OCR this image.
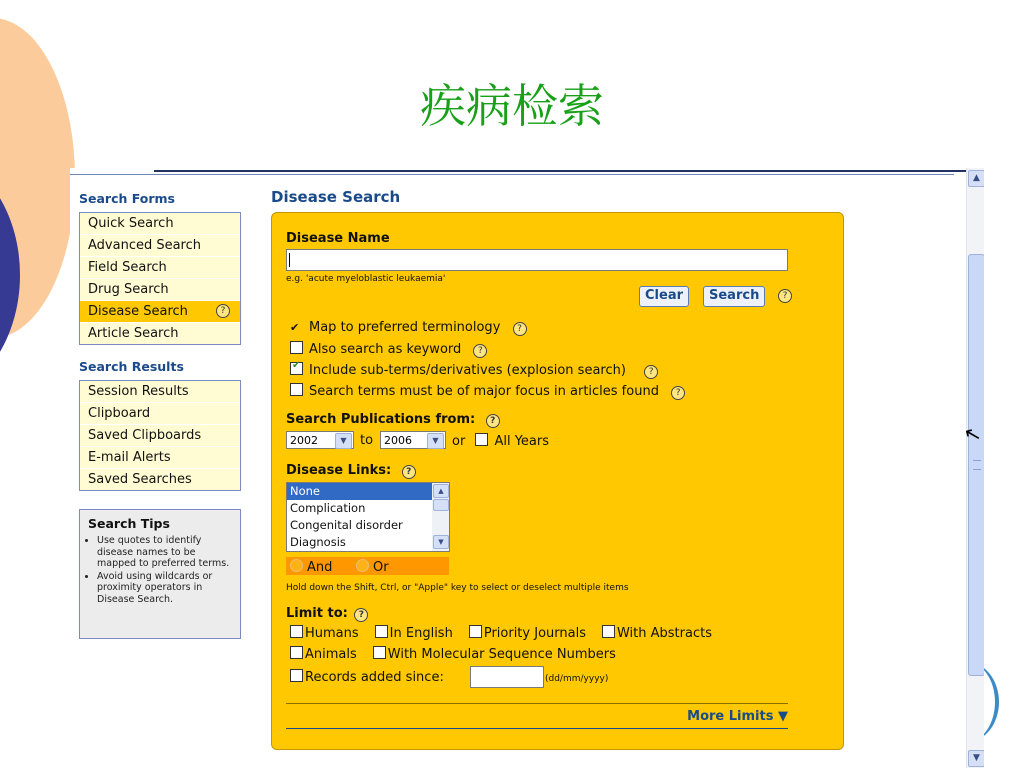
疾病检索
Search Forms
Quick Search
Advanced Search
Field Search
Drug Search
Disease Search	?
Article Search
Search Results
Session Results
Clipboard
Saved Clipboards
E-mail Alerts
Saved Searches
Search Tips
• Use quotes to identify disease names to be mapped to preferred terms.
• Avoid using wildcards or proximity operators in Disease Search.
Disease Search
Disease Name
e.g. 'acute myeloblastic leukaemia'
Clear	Search	?
✔ Map to preferred terminology ?
Also search as keyword ?
✔Include sub-terms/derivatives (explosion search)	?
Search terms must be of major focus in articles found ?
Search Publications from: ?
2002	▼	to 2006	▼	or All Years
Disease Links: ?
None
Complication
Congenital disorder
Diagnosis
▲
▼
And	Or
Hold down the Shift, Ctrl, or "Apple" key to select or deselect multiple items
Limit to: ?
Humans In English Priority Journals With Abstracts
Animals With Molecular Sequence Numbers
Records added since:	(dd/mm/yyyy)
More Limits ▼
▲
▼
↖
